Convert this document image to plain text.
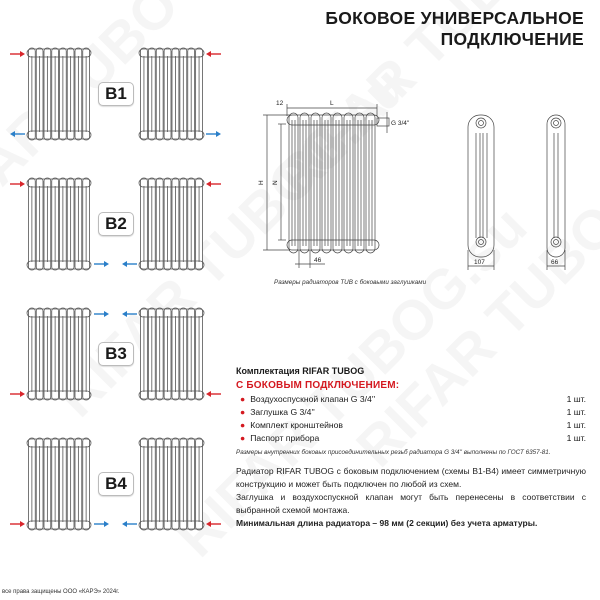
БОКОВОЕ УНИВЕРСАЛЬНОЕ
ПОДКЛЮЧЕНИЕ
B1
B2
B3
B4
12	L
H N
46
G 3/4''
107	66
Размеры радиаторов TUB с боковыми заглушками
Комплектация RIFAR TUBOG
С БОКОВЫМ ПОДКЛЮЧЕНИЕМ:
● Воздухоспускной клапан G 3/4''	1 шт.
● Заглушка G 3/4''	1 шт.
● Комплект кронштейнов	1 шт.
● Паспорт прибора	1 шт.
Размеры внутренних боковых присоединительных резьб радиатора G 3/4'' выполнены по ГОСТ 6357-81.
Радиатор RIFAR TUBOG с боковым подключением (схемы В1-В4) имеет симметричную конструкцию и может быть подключен по любой из схем.
Заглушка и воздухоспускной клапан могут быть перенесены в соответствии с выбранной схемой монтажа.
Минимальная длина радиатора – 98 мм (2 секции) без учета арматуры.
все права защищены ООО «КАРЭ» 2024г.
